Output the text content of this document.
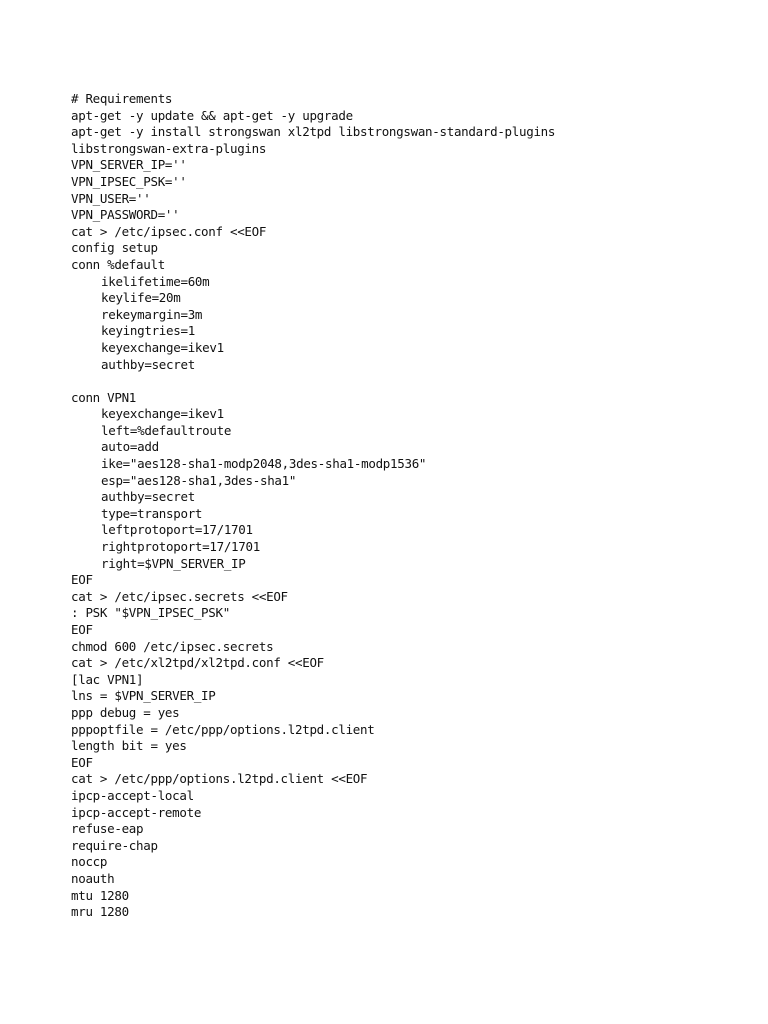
# Requirements
apt-get -y update && apt-get -y upgrade
apt-get -y install strongswan xl2tpd libstrongswan-standard-plugins
libstrongswan-extra-plugins
VPN_SERVER_IP=''
VPN_IPSEC_PSK=''
VPN_USER=''
VPN_PASSWORD=''
cat > /etc/ipsec.conf <<EOF
config setup
conn %default
ikelifetime=60m
keylife=20m
rekeymargin=3m
keyingtries=1
keyexchange=ikev1
authby=secret
conn VPN1
keyexchange=ikev1
left=%defaultroute
auto=add
ike="aes128-sha1-modp2048,3des-sha1-modp1536"
esp="aes128-sha1,3des-sha1"
authby=secret
type=transport
leftprotoport=17/1701
rightprotoport=17/1701
right=$VPN_SERVER_IP
EOF
cat > /etc/ipsec.secrets <<EOF
: PSK "$VPN_IPSEC_PSK"
EOF
chmod 600 /etc/ipsec.secrets
cat > /etc/xl2tpd/xl2tpd.conf <<EOF
[lac VPN1]
lns = $VPN_SERVER_IP
ppp debug = yes
pppoptfile = /etc/ppp/options.l2tpd.client
length bit = yes
EOF
cat > /etc/ppp/options.l2tpd.client <<EOF
ipcp-accept-local
ipcp-accept-remote
refuse-eap
require-chap
noccp
noauth
mtu 1280
mru 1280
